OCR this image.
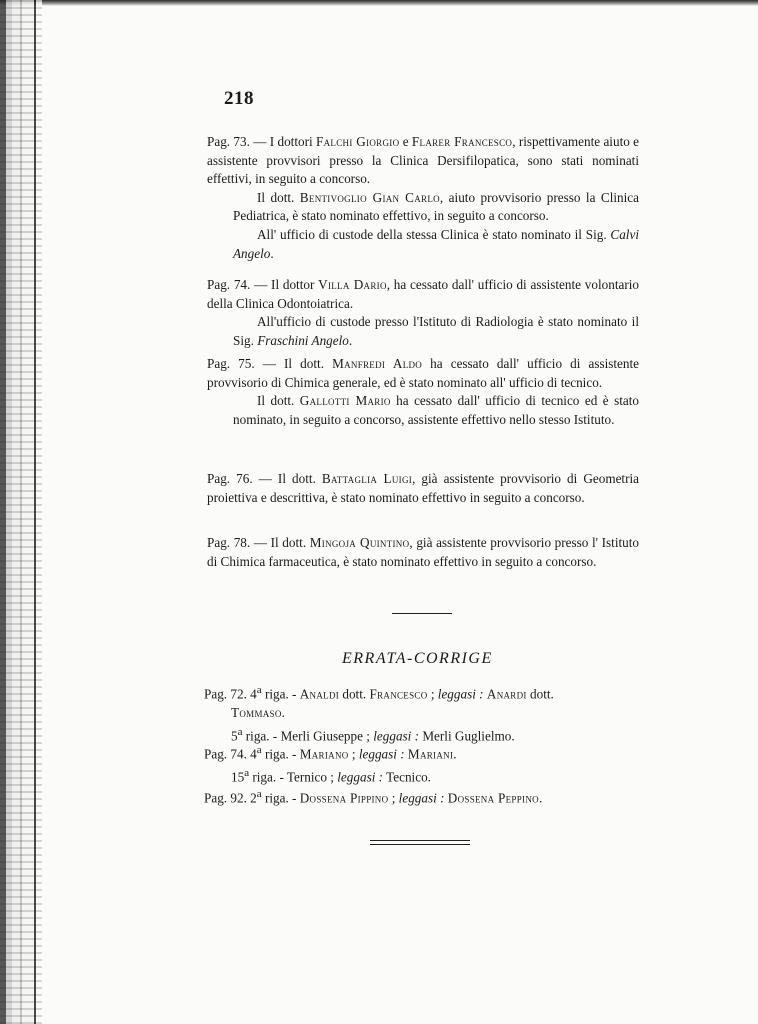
218

Pag. 73. — I dottori Falchi Giorgio e Flarer Francesco, rispettivamente aiuto e assistente provvisori presso la Clinica Dersifilopatica, sono stati nominati effettivi, in seguito a concorso.

Il dott. Bentivoglio Gian Carlo, aiuto provvisorio presso la Clinica Pediatrica, è stato nominato effettivo, in seguito a concorso.

All' ufficio di custode della stessa Clinica è stato nominato il Sig. Calvi Angelo.

Pag. 74. — Il dottor Villa Dario, ha cessato dall' ufficio di assistente volontario della Clinica Odontoiatrica.

All'ufficio di custode presso l'Istituto di Radiologia è stato nominato il Sig. Fraschini Angelo.

Pag. 75. — Il dott. Manfredi Aldo ha cessato dall' ufficio di assistente provvisorio di Chimica generale, ed è stato nominato all' ufficio di tecnico.

Il dott. Gallotti Mario ha cessato dall' ufficio di tecnico ed è stato nominato, in seguito a concorso, assistente effettivo nello stesso Istituto.

Pag. 76. — Il dott. Battaglia Luigi, già assistente provvisorio di Geometria proiettiva e descrittiva, è stato nominato effettivo in seguito a concorso.

Pag. 78. — Il dott. Mingoja Quintino, già assistente provvisorio presso l' Istituto di Chimica farmaceutica, è stato nominato effettivo in seguito a concorso.

ERRATA-CORRIGE

Pag. 72. 4$^a$ riga. - Analdi dott. Francesco ; leggasi : Anardi dott.

Tommaso.

5$^a$ riga. - Merli Giuseppe ; leggasi : Merli Guglielmo.

Pag. 74. 4$^a$ riga. - Mariano ; leggasi : Mariani.

15$^a$ riga. - Ternico ; leggasi : Tecnico.

Pag. 92. 2$^a$ riga. - Dossena Pippino ; leggasi : Dossena Peppino.
